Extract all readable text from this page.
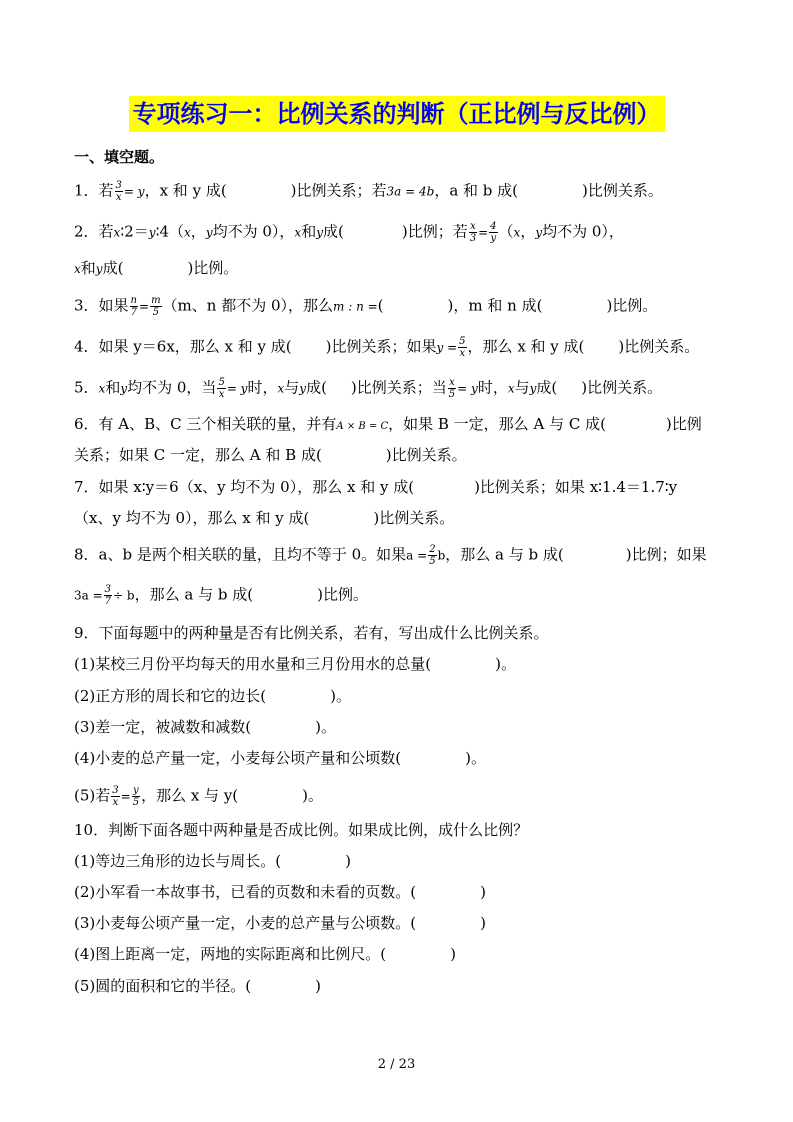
专项练习一：比例关系的判断（正比例与反比例）
一、填空题。
1．若 $\frac{3}{x} = y$，x 和 y 成(	)比例关系；若3a = 4b，a 和 b 成(	)比例关系。
2．若x∶2＝y∶4（x，y均不为 0），x和y成(	)比例；若 $\frac{x}{3} = \frac{4}{y} (x$，y均不为 0），
x和y成(	)比例。
3．如果 $\frac{n}{7} = \frac{m}{5} (m$、n 都不为 0），那么m : n =(	)，m 和 n 成(	)比例。
4．如果 y＝6x，那么 x 和 y 成( )比例关系；如果$y = \frac{5}{x}$ ，那么 x 和 y 成( )比例关系。
5．x和y均不为 0，当 $\frac{5}{x} = y$时，x与y成( )比例关系；当 $\frac{x}{5} = y$时，x与y成( )比例关系。
6．有 A、B、C 三个相关联的量，并有A × B = C，如果 B 一定，那么 A 与 C 成(	)比例
关系；如果 C 一定，那么 A 和 B 成(	)比例关系。
7．如果 x∶y＝6（x、y 均不为 0），那么 x 和 y 成(	)比例关系；如果 x∶1.4＝1.7∶y
（x、y 均不为 0），那么 x 和 y 成(	)比例关系。
8．a、b 是两个相关联的量，且均不等于 0。如果$a = \frac{2}{5}$ b，那么 a 与 b 成(	)比例；如果
$3a = \frac{3}{7} \div b$，那么 a 与 b 成(	)比例。
9．下面每题中的两种量是否有比例关系，若有，写出成什么比例关系。
(1)某校三月份平均每天的用水量和三月份用水的总量(	)。
(2)正方形的周长和它的边长(	)。
(3)差一定，被减数和减数(	)。
(4)小麦的总产量一定，小麦每公顷产量和公顷数(	)。
(5)若 $\frac{3}{x} = \frac{y}{5}$ ，那么 x 与 y(	)。
10．判断下面各题中两种量是否成比例。如果成比例，成什么比例？
(1)等边三角形的边长与周长。(	)
(2)小军看一本故事书，已看的页数和未看的页数。(	)
(3)小麦每公顷产量一定，小麦的总产量与公顷数。(	)
(4)图上距离一定，两地的实际距离和比例尺。(	)
(5)圆的面积和它的半径。(	)
2 / 23
